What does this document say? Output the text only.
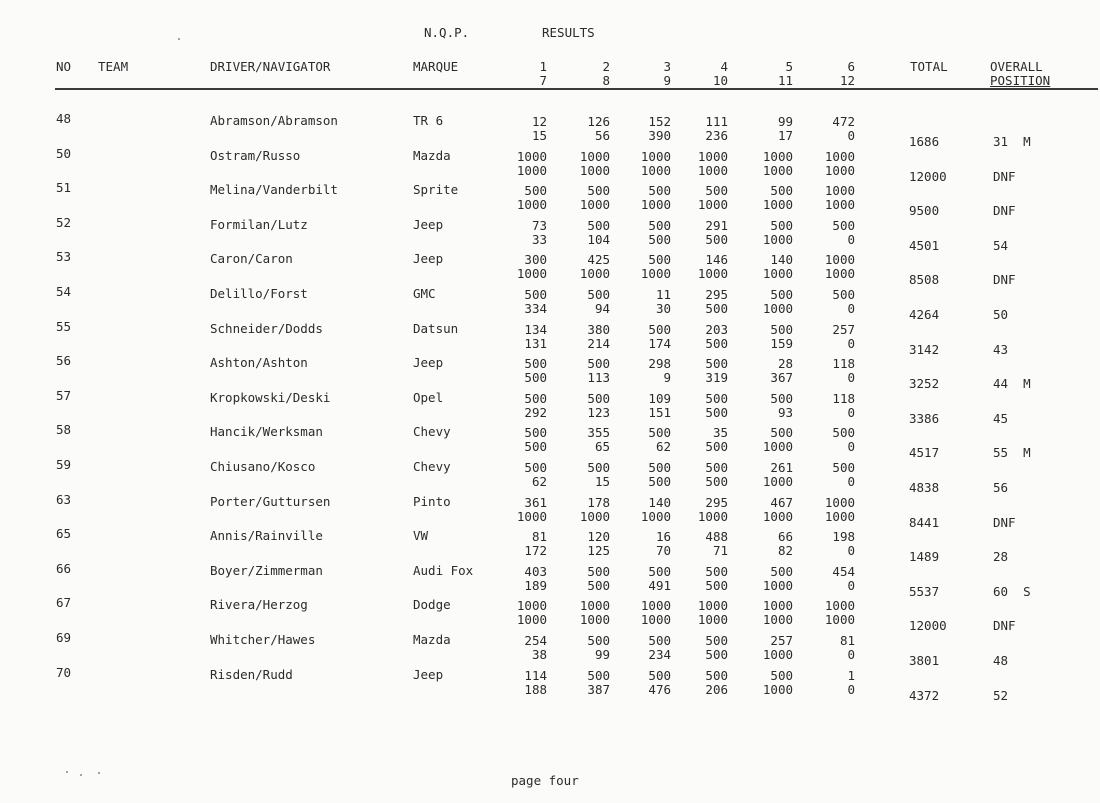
N.Q.P.	RESULTS
NO TEAM	DRIVER/NAVIGATOR	MARQUE	1	2	3	4	5	6
7	8	9	10	11	12
TOTAL	OVERALL
POSITION
48	Abramson/Abramson	TR 6	12	126	152	111	99	472
15	56	390	236	17	0	1686	31  M
50	Ostram/Russo	Mazda	1000	1000	1000	1000	1000	1000
1000	1000	1000	1000	1000	1000	12000	DNF
51	Melina/Vanderbilt	Sprite	500	500	500	500	500	1000
1000	1000	1000	1000	1000	1000	9500	DNF
52	Formilan/Lutz	Jeep	73	500	500	291	500	500
33	104	500	500	1000	0	4501	54
53	Caron/Caron	Jeep	300	425	500	146	140	1000
1000	1000	1000	1000	1000	1000	8508	DNF
54	Delillo/Forst	GMC	500	500	11	295	500	500
334	94	30	500	1000	0	4264	50
55	Schneider/Dodds	Datsun	134	380	500	203	500	257
131	214	174	500	159	0	3142	43
56	Ashton/Ashton	Jeep	500	500	298	500	28	118
500	113	9	319	367	0	3252	44  M
57	Kropkowski/Deski	Opel	500	500	109	500	500	118
292	123	151	500	93	0	3386	45
58	Hancik/Werksman	Chevy	500	355	500	35	500	500
500	65	62	500	1000	0	4517	55  M
59	Chiusano/Kosco	Chevy	500	500	500	500	261	500
62	15	500	500	1000	0	4838	56
63	Porter/Guttursen	Pinto	361	178	140	295	467	1000
1000	1000	1000	1000	1000	1000	8441	DNF
65	Annis/Rainville	VW	81	120	16	488	66	198
172	125	70	71	82	0	1489	28
66	Boyer/Zimmerman	Audi Fox	403	500	500	500	500	454
189	500	491	500	1000	0	5537	60  S
67	Rivera/Herzog	Dodge	1000	1000	1000	1000	1000	1000
1000	1000	1000	1000	1000	1000	12000	DNF
69	Whitcher/Hawes	Mazda	254	500	500	500	257	81
38	99	234	500	1000	0	3801	48
70	Risden/Rudd	Jeep	114	500	500	500	500	1
188	387	476	206	1000	0	4372	52
page four
